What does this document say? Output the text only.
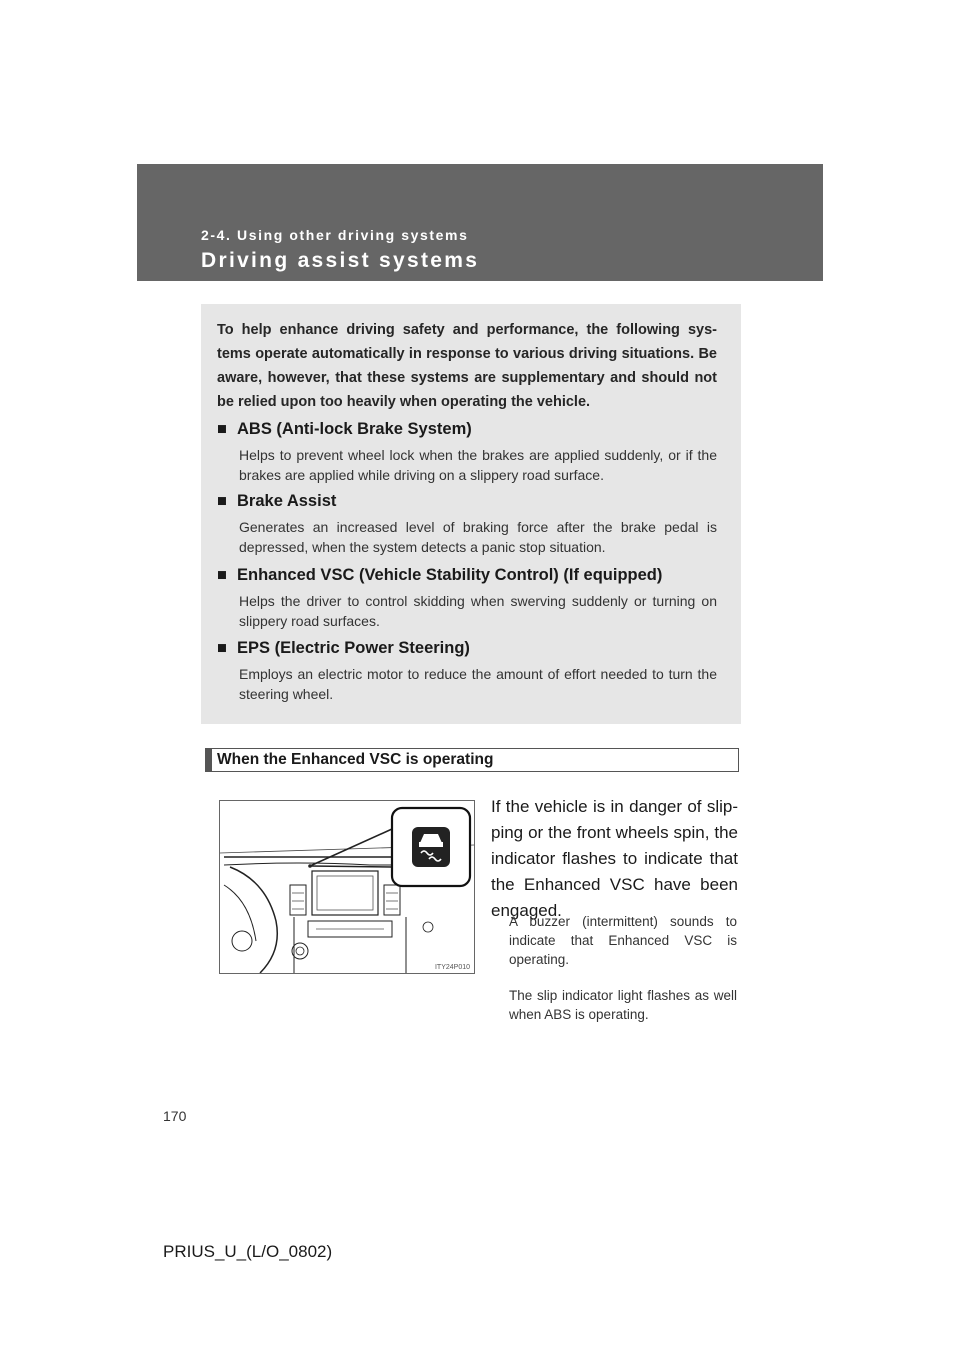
2-4. Using other driving systems
Driving assist systems
To help enhance driving safety and performance, the following sys- tems operate automatically in response to various driving situations. Be aware, however, that these systems are supplementary and should not be relied upon too heavily when operating the vehicle.
■ ABS (Anti-lock Brake System)
Helps to prevent wheel lock when the brakes are applied suddenly, or if the brakes are applied while driving on a slippery road surface.
■ Brake Assist
Generates an increased level of braking force after the brake pedal is depressed, when the system detects a panic stop situation.
■ Enhanced VSC (Vehicle Stability Control) (If equipped)
Helps the driver to control skidding when swerving suddenly or turning on slippery road surfaces.
■ EPS (Electric Power Steering)
Employs an electric motor to reduce the amount of effort needed to turn the steering wheel.
When the Enhanced VSC is operating
ITY24P010
If the vehicle is in danger of slip- ping or the front wheels spin, the indicator flashes to indicate that the Enhanced VSC have been engaged.
A buzzer (intermittent) sounds to indicate that Enhanced VSC is operating.
The slip indicator light flashes as well when ABS is operating.
170
PRIUS_U_(L/O_0802)
